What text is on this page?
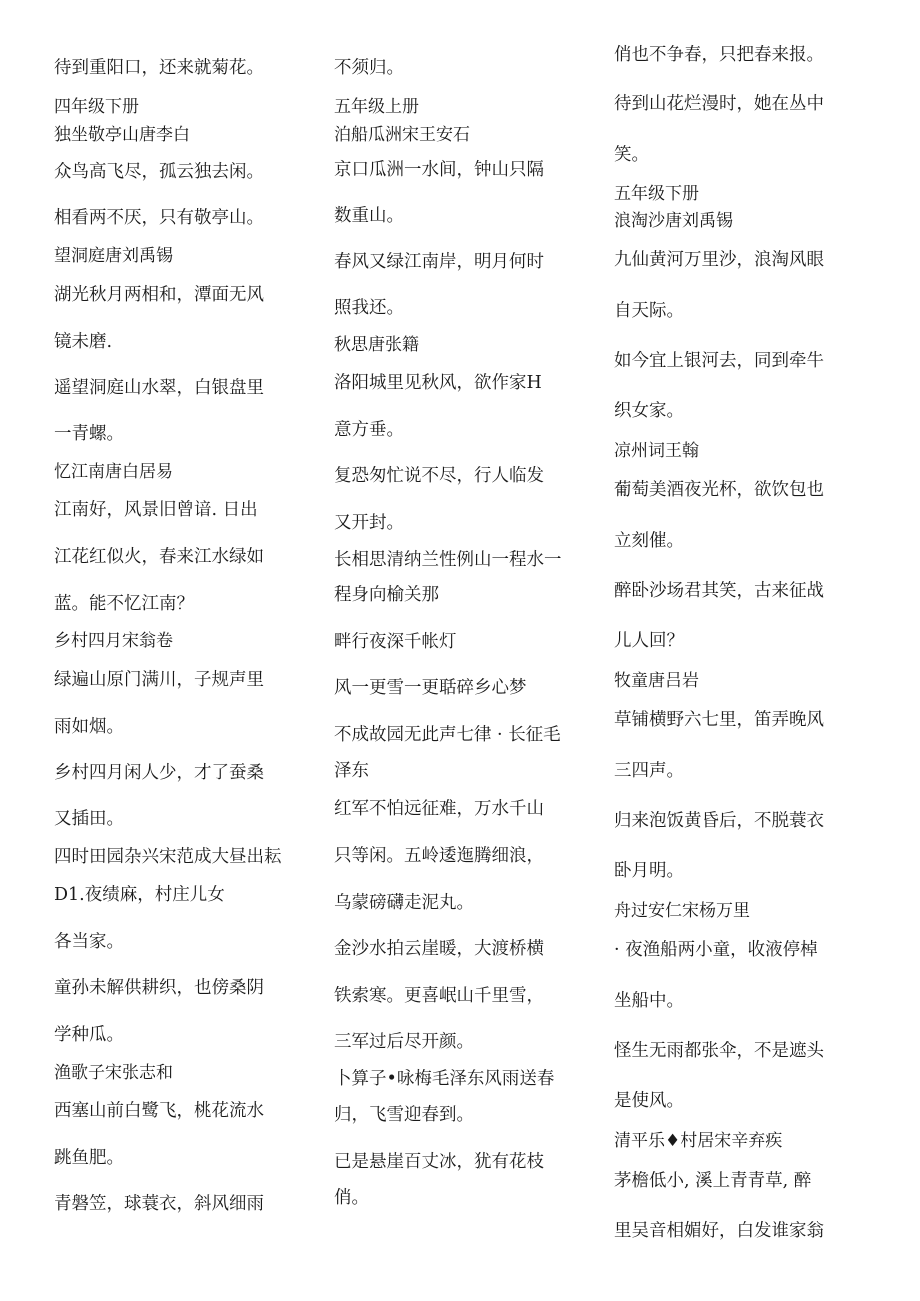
待到重阳口，还来就菊花。
四年级下册
独坐敬亭山唐李白
众鸟高飞尽，孤云独去闲。
相看两不厌，只有敬亭山。
望洞庭唐刘禹锡
湖光秋月两相和，潭面无风
镜未磨.
遥望洞庭山水翠，白银盘里
一青螺。
忆江南唐白居易
江南好，风景旧曾谙. 日出
江花红似火，春来江水绿如
蓝。能不忆江南？
乡村四月宋翁卷
绿遍山原门满川，子规声里
雨如烟。
乡村四月闲人少，才了蚕桑
又插田。
四时田园杂兴宋范成大昼出耘
D1.夜绩麻，村庄儿女
各当家。
童孙未解供耕织，也傍桑阴
学种瓜。
渔歌子宋张志和
西塞山前白鹭飞，桃花流水
跳鱼肥。
青磐笠，球蓑衣，斜风细雨
不须归。
五年级上册
泊船瓜洲宋王安石
京口瓜洲一水间，钟山只隔
数重山。
春风又绿江南岸，明月何时
照我还。
秋思唐张籍
洛阳城里见秋风，欲作家H
意方垂。
复恐匆忙说不尽，行人临发
又开封。
长相思清纳兰性例山一程水一
程身向榆关那
畔行夜深千帐灯
风一更雪一更聒碎乡心梦
不成故园无此声七律 · 长征毛
泽东
红军不怕远征难，万水千山
只等闲。五岭逶迤腾细浪，
乌蒙磅礴走泥丸。
金沙水拍云崖暖，大渡桥横
铁索寒。更喜岷山千里雪，
三军过后尽开颜。
卜算子•咏梅毛泽东风雨送春
归，飞雪迎春到。
已是悬崖百丈冰，犹有花枝
俏。
俏也不争春，只把春来报。
待到山花烂漫时，她在丛中
笑。
五年级下册
浪淘沙唐刘禹锡
九仙黄河万里沙，浪淘风眼
自天际。
如今宜上银河去，同到牵牛
织女家。
凉州词王翰
葡萄美酒夜光杯，欲饮包也
立刻催。
醉卧沙场君其笑，古来征战
儿人回？
牧童唐吕岩
草铺横野六七里，笛弄晚风
三四声。
归来泡饭黄昏后，不脱蓑衣
卧月明。
舟过安仁宋杨万里
· 夜渔船两小童，收液停棹
坐船中。
怪生无雨都张伞，不是遮头
是使风。
清平乐♦村居宋辛弃疾
茅檐低小, 溪上青青草, 醉
里吴音相媚好，白发谁家翁
